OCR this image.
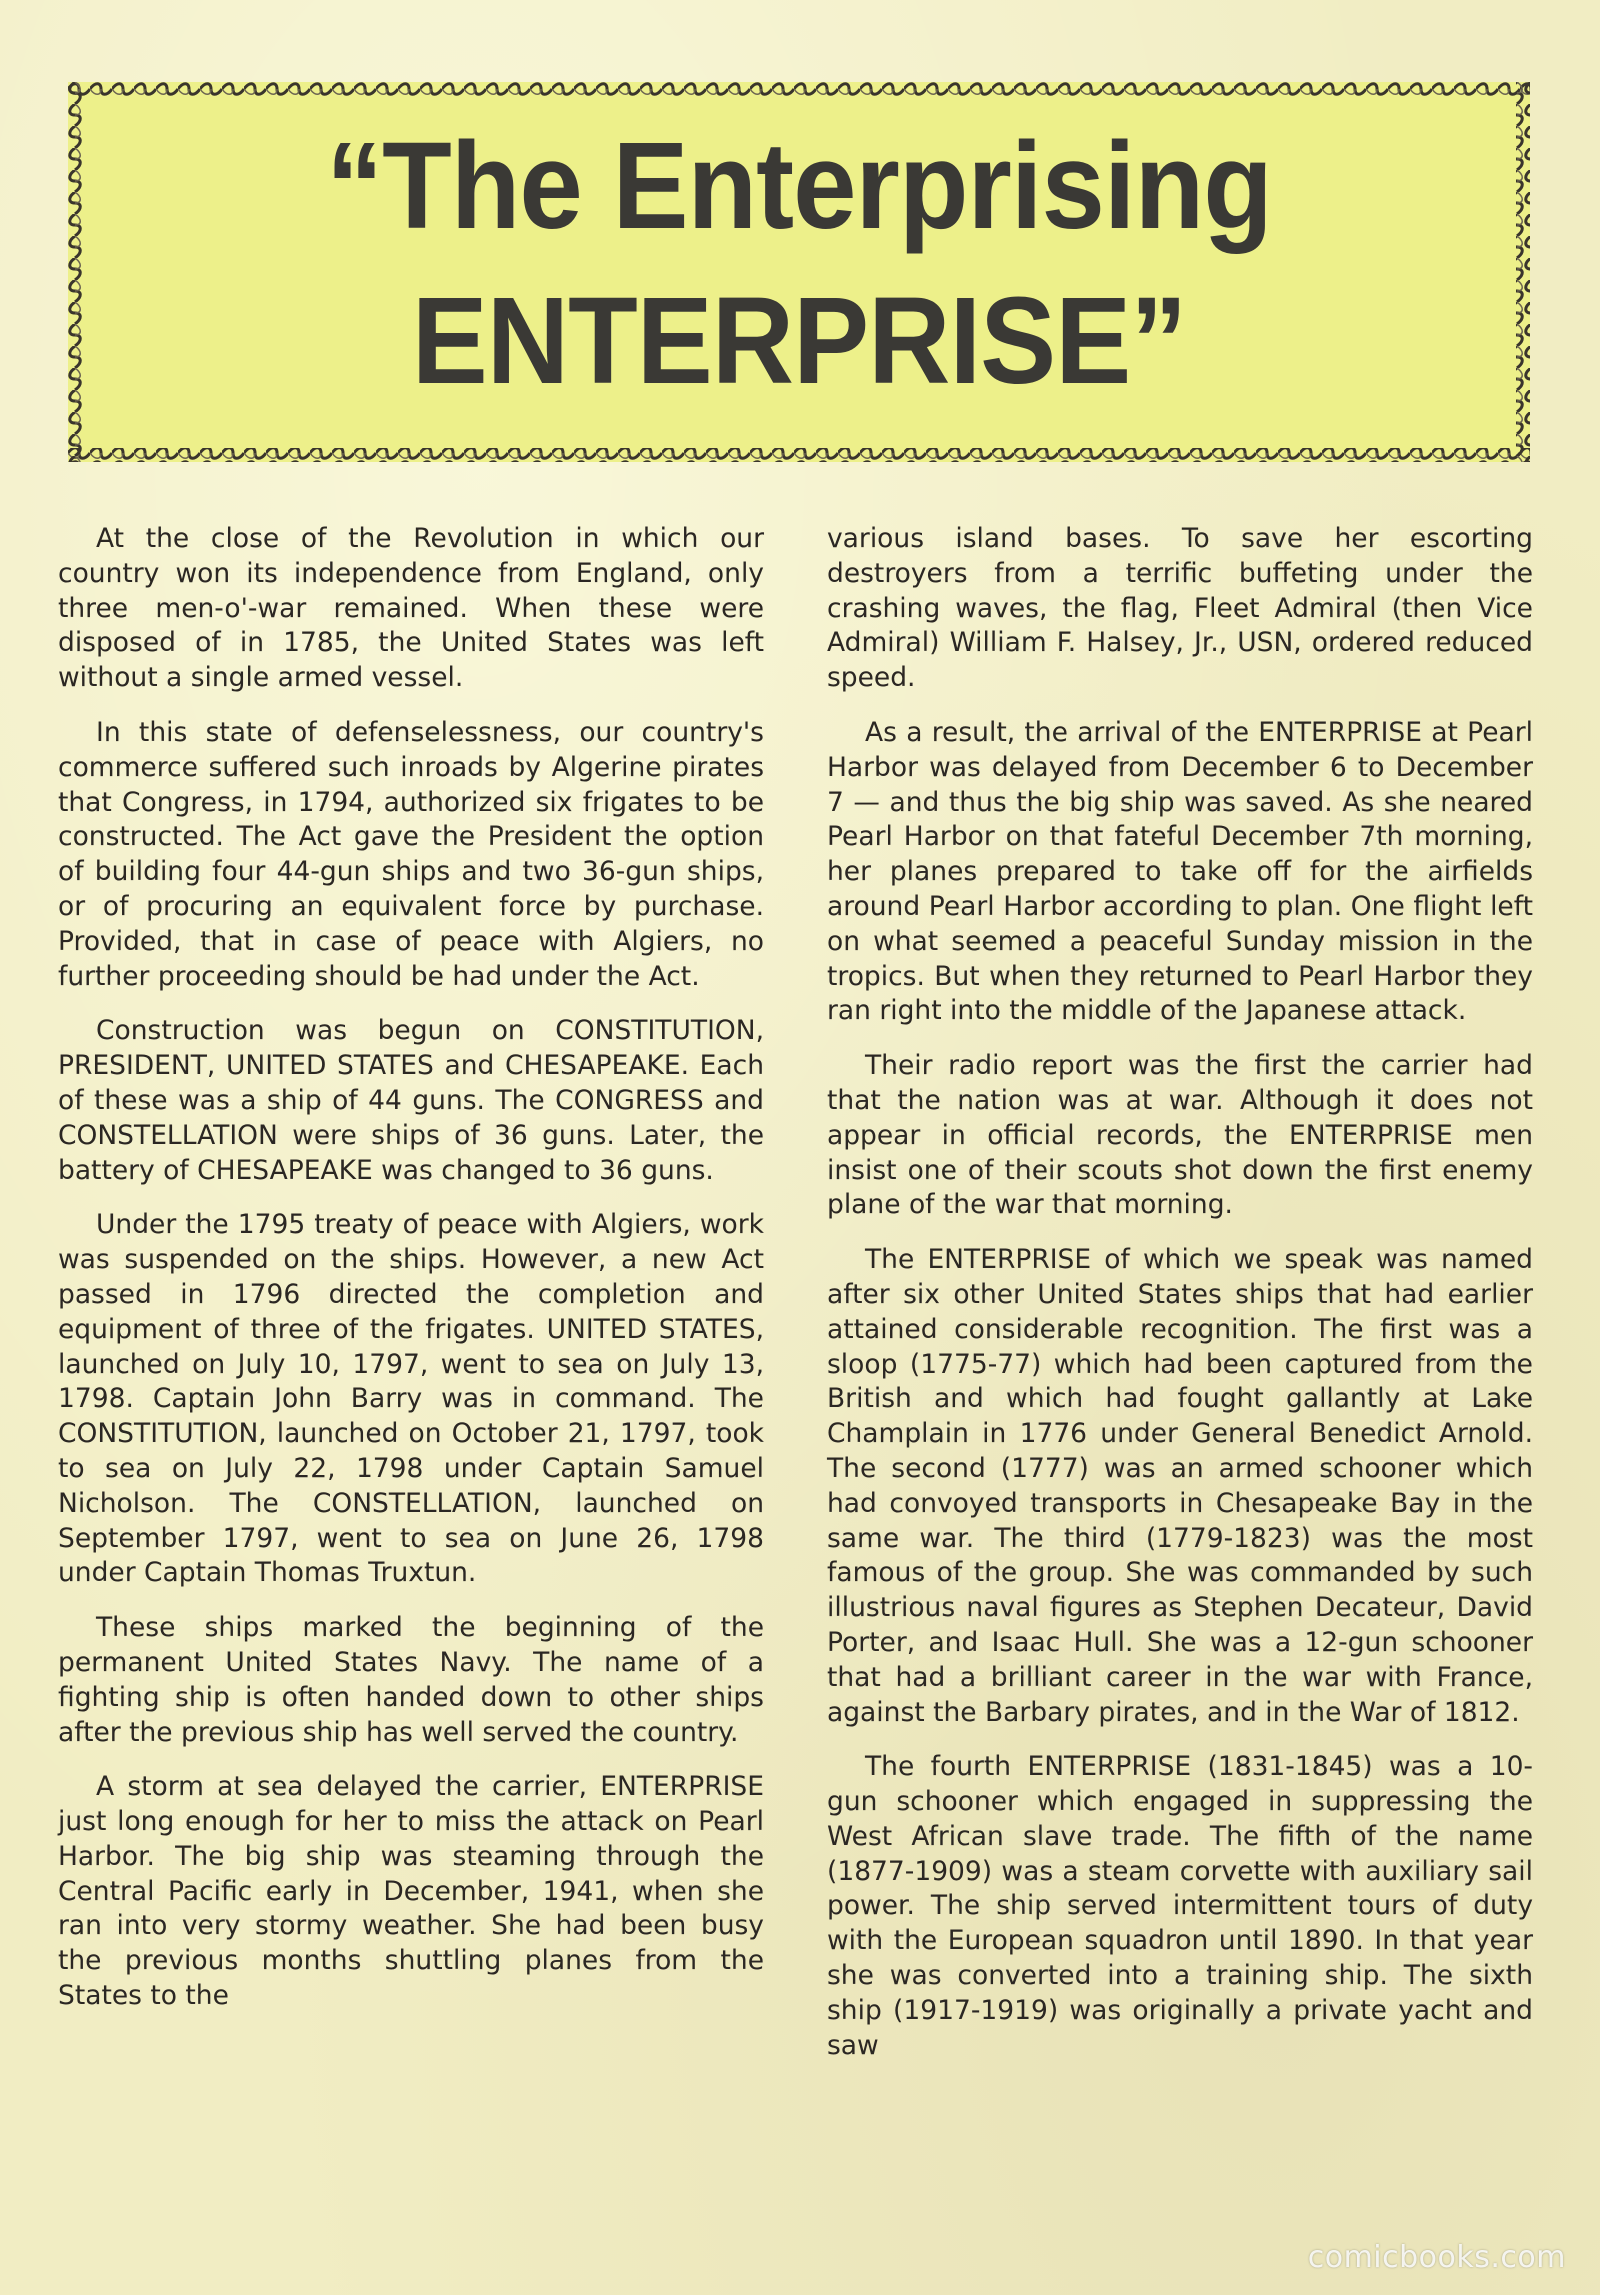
“The Enterprising
ENTERPRISE”

At the close of the Revolution in which our country won its independence from England, only three men-o'-war remained. When these were disposed of in 1785, the United States was left without a single armed vessel.

In this state of defenselessness, our country's commerce suffered such inroads by Algerine pirates that Congress, in 1794, authorized six frigates to be constructed. The Act gave the President the option of building four 44-gun ships and two 36-gun ships, or of procuring an equivalent force by purchase. Provided, that in case of peace with Algiers, no further proceeding should be had under the Act.

Construction was begun on CONSTITUTION, PRESIDENT, UNITED STATES and CHESAPEAKE. Each of these was a ship of 44 guns. The CONGRESS and CONSTELLATION were ships of 36 guns. Later, the battery of CHESAPEAKE was changed to 36 guns.

Under the 1795 treaty of peace with Algiers, work was suspended on the ships. However, a new Act passed in 1796 directed the completion and equipment of three of the frigates. UNITED STATES, launched on July 10, 1797, went to sea on July 13, 1798. Captain John Barry was in command. The CONSTITUTION, launched on October 21, 1797, took to sea on July 22, 1798 under Captain Samuel Nicholson. The CONSTELLATION, launched on September 1797, went to sea on June 26, 1798 under Captain Thomas Truxtun.

These ships marked the beginning of the permanent United States Navy. The name of a fighting ship is often handed down to other ships after the previous ship has well served the country.

A storm at sea delayed the carrier, ENTERPRISE just long enough for her to miss the attack on Pearl Harbor. The big ship was steaming through the Central Pacific early in December, 1941, when she ran into very stormy weather. She had been busy the previous months shuttling planes from the States to the

various island bases. To save her escorting destroyers from a terrific buffeting under the crashing waves, the flag, Fleet Admiral (then Vice Admiral) William F. Halsey, Jr., USN, ordered reduced speed.

As a result, the arrival of the ENTERPRISE at Pearl Harbor was delayed from December 6 to December 7 — and thus the big ship was saved. As she neared Pearl Harbor on that fateful December 7th morning, her planes prepared to take off for the airfields around Pearl Harbor according to plan. One flight left on what seemed a peaceful Sunday mission in the tropics. But when they returned to Pearl Harbor they ran right into the middle of the Japanese attack.

Their radio report was the first the carrier had that the nation was at war. Although it does not appear in official records, the ENTERPRISE men insist one of their scouts shot down the first enemy plane of the war that morning.

The ENTERPRISE of which we speak was named after six other United States ships that had earlier attained considerable recognition. The first was a sloop (1775-77) which had been captured from the British and which had fought gallantly at Lake Champlain in 1776 under General Benedict Arnold. The second (1777) was an armed schooner which had convoyed transports in Chesapeake Bay in the same war. The third (1779-1823) was the most famous of the group. She was commanded by such illustrious naval figures as Stephen Decateur, David Porter, and Isaac Hull. She was a 12-gun schooner that had a brilliant career in the war with France, against the Barbary pirates, and in the War of 1812.

The fourth ENTERPRISE (1831-1845) was a 10-gun schooner which engaged in suppressing the West African slave trade. The fifth of the name (1877-1909) was a steam corvette with auxiliary sail power. The ship served intermittent tours of duty with the European squadron until 1890. In that year she was converted into a training ship. The sixth ship (1917-1919) was originally a private yacht and saw

comicbooks.com
